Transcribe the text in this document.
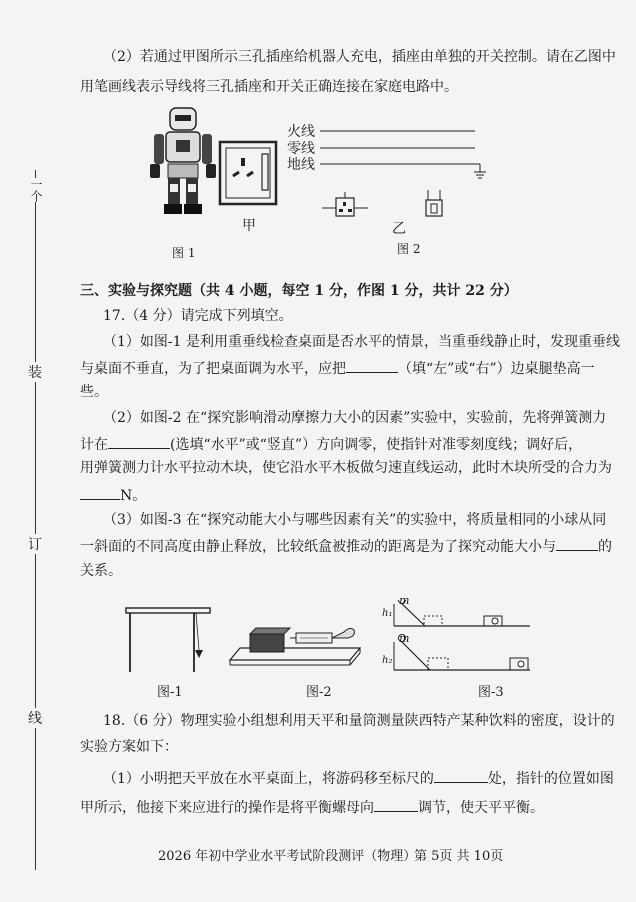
一个
装
订
线
（2）若通过甲图所示三孔插座给机器人充电，插座由单独的开关控制。请在乙图中
用笔画线表示导线将三孔插座和开关正确连接在家庭电路中。
火线
零线
地线
甲	乙
图 1	图 2
三、实验与探究题（共 4 小题，每空 1 分，作图 1 分，共计 22 分）
17.（4 分）请完成下列填空。
（1）如图-1 是利用重垂线检查桌面是否水平的情景，当重垂线静止时，发现重垂线
与桌面不垂直，为了把桌面调为水平，应把	（填“左”或“右”）边桌腿垫高一
些。
（2）如图-2 在“探究影响滑动摩擦力大小的因素”实验中，实验前，先将弹簧测力
计在	(选填“水平”或“竖直”）方向调零，使指针对准零刻度线；调好后，
用弹簧测力计水平拉动木块，使它沿水平木板做匀速直线运动，此时木块所受的合力为
N。
（3）如图-3 在“探究动能大小与哪些因素有关”的实验中，将质量相同的小球从同
一斜面的不同高度由静止释放，比较纸盒被推动的距离是为了探究动能大小与	的
关系。
m
m
h₁
h₂
图-1	图-2	图-3
18.（6 分）物理实验小组想利用天平和量筒测量陕西特产某种饮料的密度，设计的
实验方案如下：
（1）小明把天平放在水平桌面上，将游码移至标尺的	处，指针的位置如图
甲所示，他接下来应进行的操作是将平衡螺母向	调节，使天平平衡。
2026 年初中学业水平考试阶段测评（物理）
第 5页 共 10页
